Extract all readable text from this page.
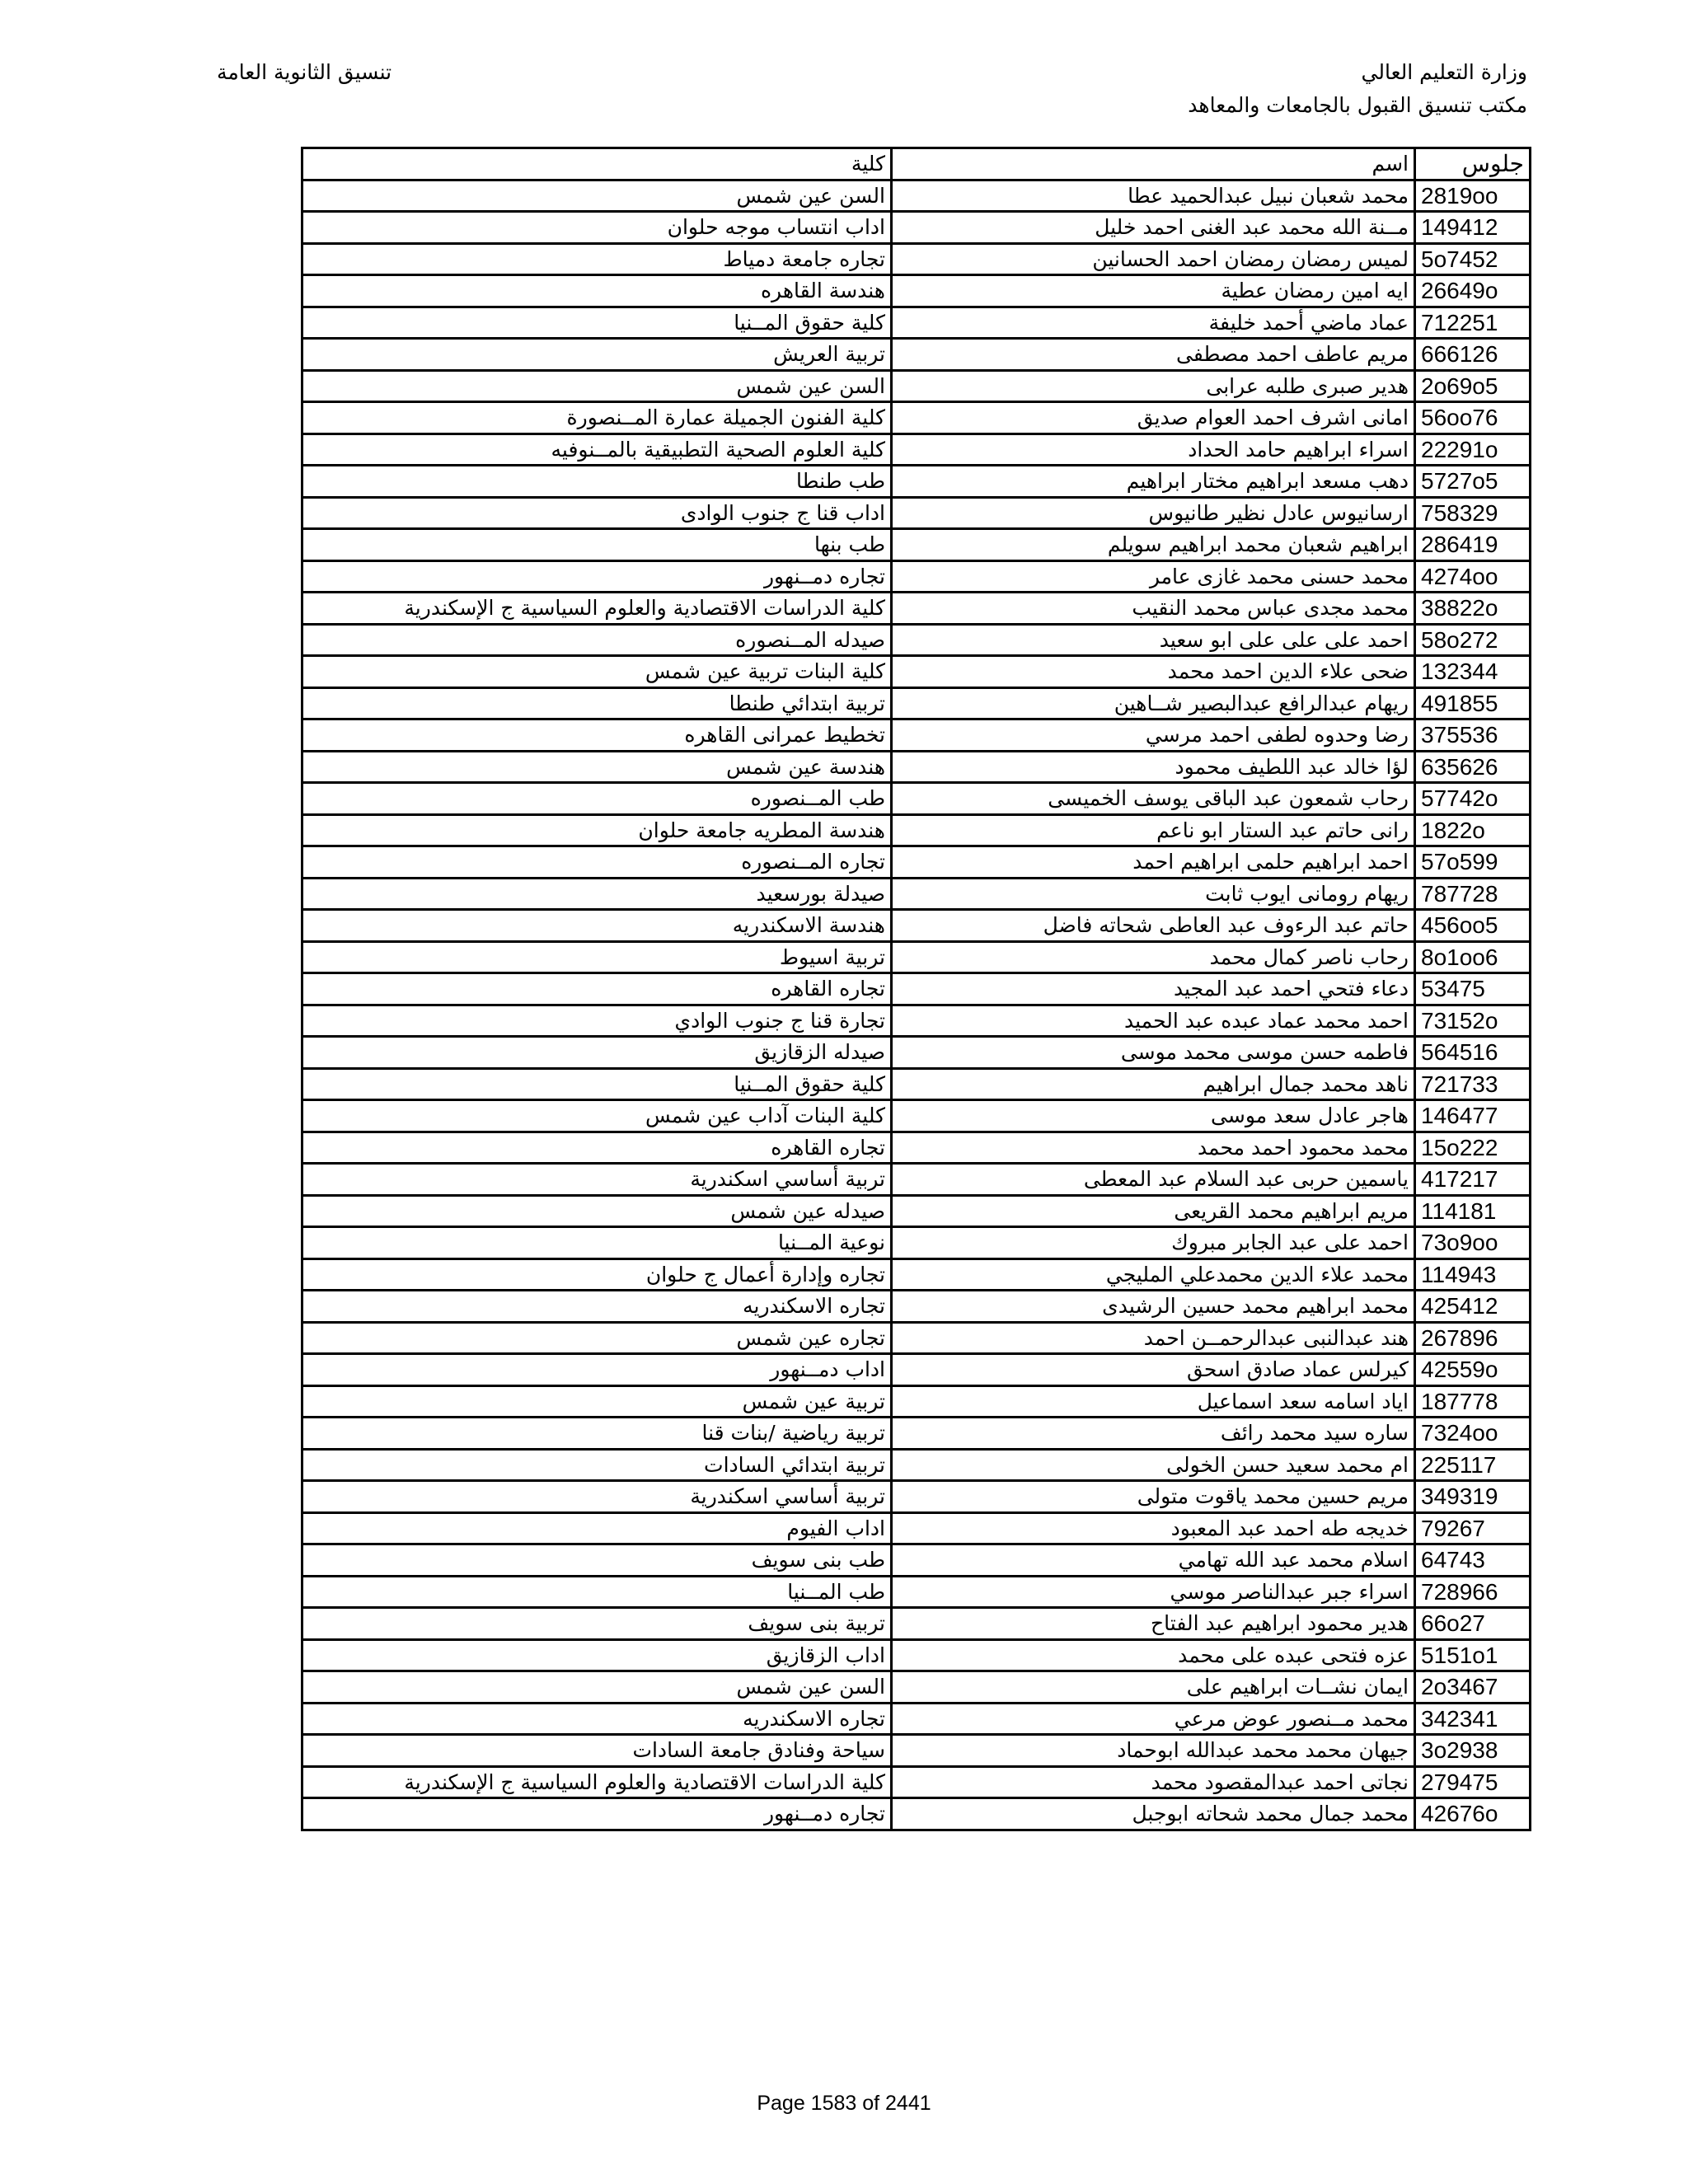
وزارة التعليم العالي
مكتب تنسيق القبول بالجامعات والمعاهد
تنسيق الثانوية العامة
جلوس	اسم	كلية
2819oo	محمد شعبان نبيل عبدالحميد عطا	السن عين شمس
149412	مــنة الله محمد عبد الغنى احمد خليل	اداب انتساب موجه حلوان
5o7452	لميس رمضان رمضان احمد الحسانين	تجاره جامعة دمياط
26649o	ايه امين رمضان عطية	هندسة القاهره
712251	عماد ماضي أحمد خليفة	كلية حقوق المــنيا
666126	مريم عاطف احمد مصطفى	تربية العريش
2o69o5	هدير صبرى طلبه عرابى	السن عين شمس
56oo76	امانى اشرف احمد العوام صديق	كلية الفنون الجميلة عمارة المــنصورة
22291o	اسراء ابراهيم حامد الحداد	كلية العلوم الصحية التطبيقية بالمــنوفيه
5727o5	دهب مسعد ابراهيم مختار ابراهيم	طب طنطا
758329	ارسانيوس عادل نظير طانيوس	اداب قنا ج جنوب الوادى
286419	ابراهيم شعبان محمد ابراهيم سويلم	طب بنها
4274oo	محمد حسنى محمد غازى عامر	تجاره دمــنهور
38822o	محمد مجدى عباس محمد النقيب	كلية الدراسات الاقتصادية والعلوم السياسية ج الإسكندرية
58o272	احمد على على على ابو سعيد	صيدله المــنصوره
132344	ضحى علاء الدين احمد محمد	كلية البنات تربية عين شمس
491855	ريهام عبدالرافع عبدالبصير شــاهين	تربية ابتدائي طنطا
375536	رضا وحدوه لطفى احمد مرسي	تخطيط عمرانى القاهره
635626	لؤا خالد عبد اللطيف محمود	هندسة عين شمس
57742o	رحاب شمعون عبد الباقى يوسف الخميسى	طب المــنصوره
1822o	رانى حاتم عبد الستار ابو ناعم	هندسة المطريه جامعة حلوان
57o599	احمد ابراهيم حلمى ابراهيم احمد	تجاره المــنصوره
787728	ريهام رومانى ايوب ثابت	صيدلة بورسعيد
456oo5	حاتم عبد الرءوف عبد العاطى شحاته فاضل	هندسة الاسكندريه
8o1oo6	رحاب ناصر كمال محمد	تربية اسيوط
53475	دعاء فتحي احمد عبد المجيد	تجاره القاهره
73152o	احمد محمد عماد عبده عبد الحميد	تجارة قنا ج جنوب الوادي
564516	فاطمه حسن موسى محمد موسى	صيدله الزقازيق
721733	ناهد محمد جمال ابراهيم	كلية حقوق المــنيا
146477	هاجر عادل سعد موسى	كلية البنات آداب عين شمس
15o222	محمد محمود احمد محمد	تجاره القاهره
417217	ياسمين حربى عبد السلام عبد المعطى	تربية أساسي اسكندرية
114181	مريم ابراهيم محمد القريعى	صيدله عين شمس
73o9oo	احمد على عبد الجابر مبروك	نوعية المــنيا
114943	محمد علاء الدين محمدعلي المليجي	تجاره وإدارة أعمال ج حلوان
425412	محمد ابراهيم محمد حسين الرشيدى	تجاره الاسكندريه
267896	هند عبدالنبى عبدالرحمــن احمد	تجاره عين شمس
42559o	كيرلس عماد صادق اسحق	اداب دمــنهور
187778	اياد اسامه سعد اسماعيل	تربية عين شمس
7324oo	ساره سيد محمد رائف	تربية رياضية /بنات قنا
225117	ام محمد سعيد حسن الخولى	تربية ابتدائي السادات
349319	مريم حسين محمد ياقوت متولى	تربية أساسي اسكندرية
79267	خديجه طه احمد عبد المعبود	اداب الفيوم
64743	اسلام محمد عبد الله تهامي	طب بنى سويف
728966	اسراء جبر عبدالناصر موسي	طب المــنيا
66o27	هدير محمود ابراهيم عبد الفتاح	تربية بنى سويف
5151o1	عزه فتحى عبده على محمد	اداب الزقازيق
2o3467	ايمان نشــات ابراهيم على	السن عين شمس
342341	محمد مــنصور عوض مرعي	تجاره الاسكندريه
3o2938	جيهان محمد محمد عبدالله ابوحماد	سياحة وفنادق جامعة السادات
279475	نجاتى احمد عبدالمقصود محمد	كلية الدراسات الاقتصادية والعلوم السياسية ج الإسكندرية
42676o	محمد جمال محمد شحاته ابوجبل	تجاره دمــنهور
Page 1583 of 2441
